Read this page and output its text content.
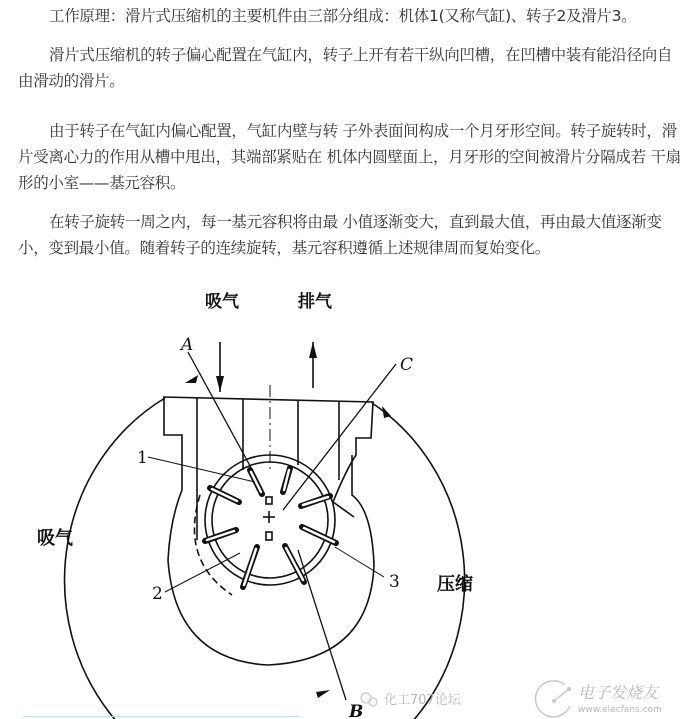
工作原理：滑片式压缩机的主要机件由三部分组成：机体1(又称气缸)、转子2及滑片3。

滑片式压缩机的转子偏心配置在气缸内，转子上开有若干纵向凹槽，在凹槽中装有能沿径向自由滑动的滑片。

由于转子在气缸内偏心配置，气缸内壁与转 子外表面间构成一个月牙形空间。转子旋转时，滑片受离心力的作用从槽中甩出，其端部紧贴在 机体内圆壁面上，月牙形的空间被滑片分隔成若 干扇形的小室——基元容积。

在转子旋转一周之内，每一基元容积将由最 小值逐渐变大，直到最大值，再由最大值逐渐变 小，变到最小值。随着转子的连续旋转，基元容积遵循上述规律周而复始变化。

吸气	排气
吸气
压缩
A
B
C
1
2
3
化工707论坛	电子发烧友
www.elecfans.com
